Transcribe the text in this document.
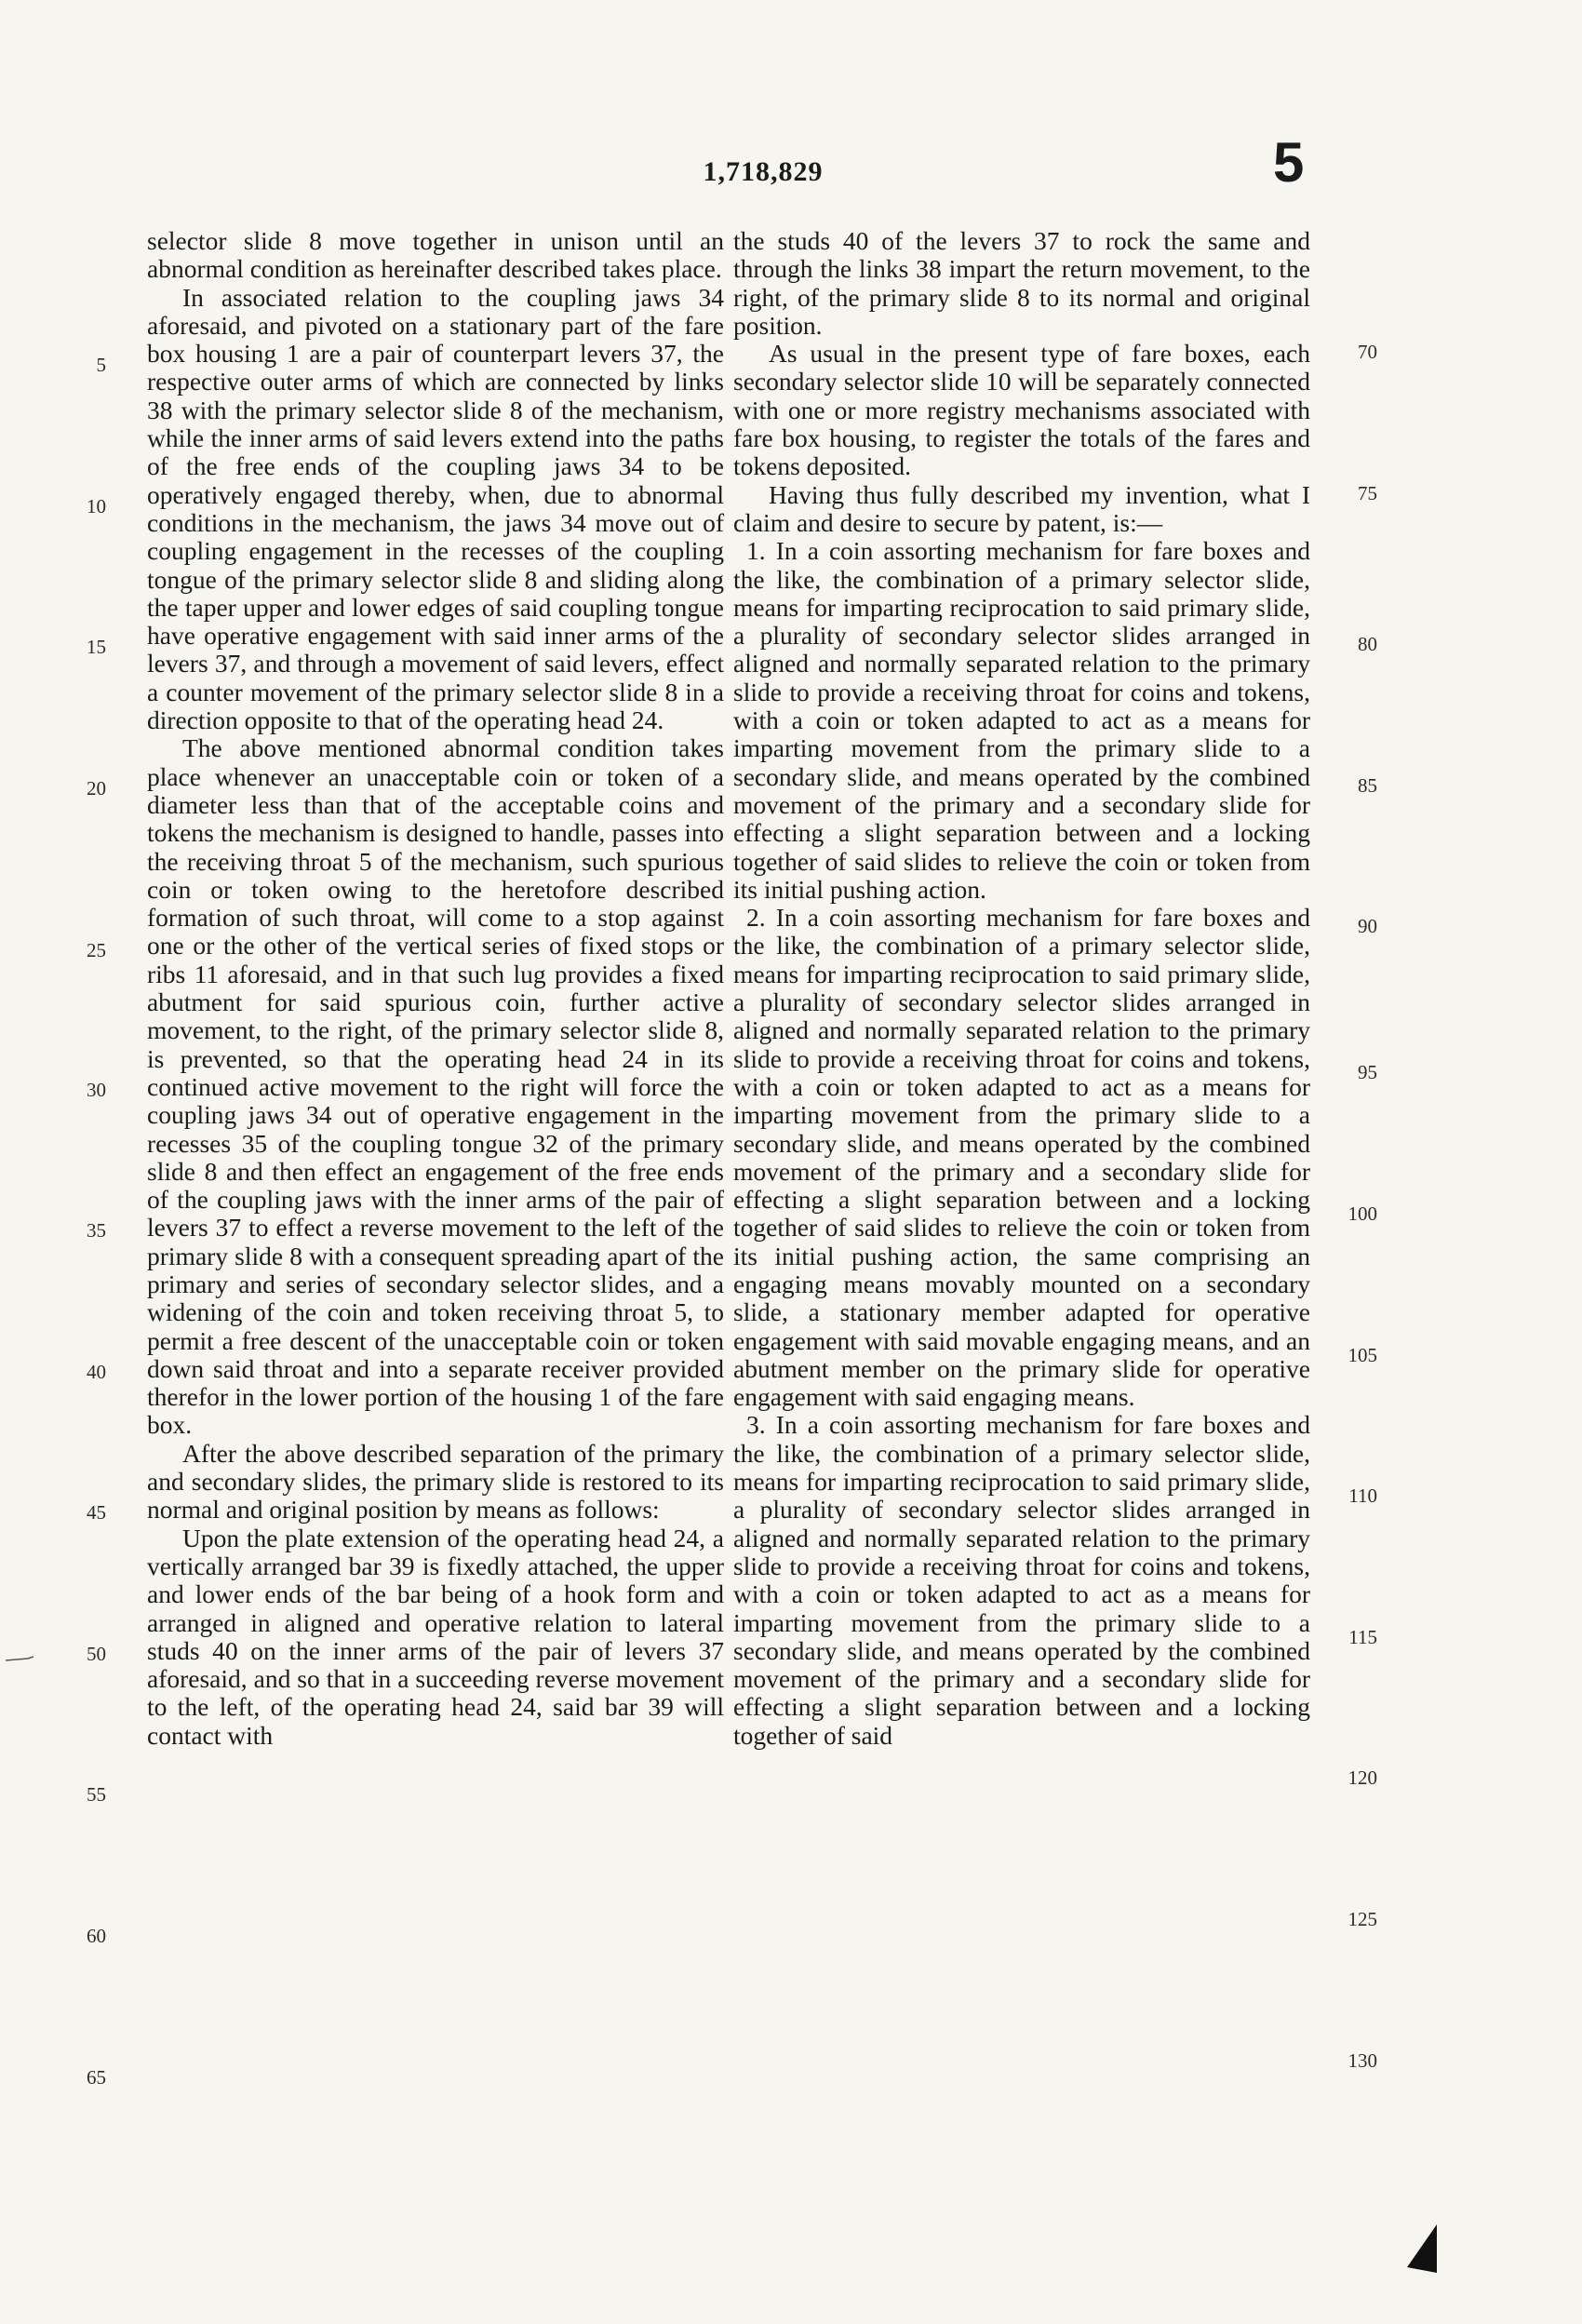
1,718,829	5

selector slide 8 move together in unison until an abnormal condition as hereinafter described takes place.

In associated relation to the coupling jaws 34 aforesaid, and pivoted on a stationary part of the fare box housing 1 are a pair of counterpart levers 37, the respective outer arms of which are connected by links 38 with the primary selector slide 8 of the mechanism, while the inner arms of said levers extend into the paths of the free ends of the coupling jaws 34 to be operatively engaged thereby, when, due to abnormal conditions in the mechanism, the jaws 34 move out of coupling engagement in the recesses of the coupling tongue of the primary selector slide 8 and sliding along the taper upper and lower edges of said coupling tongue have operative engagement with said inner arms of the levers 37, and through a movement of said levers, effect a counter movement of the primary selector slide 8 in a direction opposite to that of the operating head 24.

The above mentioned abnormal condition takes place whenever an unacceptable coin or token of a diameter less than that of the acceptable coins and tokens the mechanism is designed to handle, passes into the receiving throat 5 of the mechanism, such spurious coin or token owing to the heretofore described formation of such throat, will come to a stop against one or the other of the vertical series of fixed stops or ribs 11 aforesaid, and in that such lug provides a fixed abutment for said spurious coin, further active movement, to the right, of the primary selector slide 8, is prevented, so that the operating head 24 in its continued active movement to the right will force the coupling jaws 34 out of operative engagement in the recesses 35 of the coupling tongue 32 of the primary slide 8 and then effect an engagement of the free ends of the coupling jaws with the inner arms of the pair of levers 37 to effect a reverse movement to the left of the primary slide 8 with a consequent spreading apart of the primary and series of secondary selector slides, and a widening of the coin and token receiving throat 5, to permit a free descent of the unacceptable coin or token down said throat and into a separate receiver provided therefor in the lower portion of the housing 1 of the fare box.

After the above described separation of the primary and secondary slides, the primary slide is restored to its normal and original position by means as follows:

Upon the plate extension of the operating head 24, a vertically arranged bar 39 is fixedly attached, the upper and lower ends of the bar being of a hook form and arranged in aligned and operative relation to lateral studs 40 on the inner arms of the pair of levers 37 aforesaid, and so that in a succeeding reverse movement to the left, of the operating head 24, said bar 39 will contact with

the studs 40 of the levers 37 to rock the same and through the links 38 impart the return movement, to the right, of the primary slide 8 to its normal and original position.

As usual in the present type of fare boxes, each secondary selector slide 10 will be separately connected with one or more registry mechanisms associated with fare box housing, to register the totals of the fares and tokens deposited.

Having thus fully described my invention, what I claim and desire to secure by patent, is:—

1. In a coin assorting mechanism for fare boxes and the like, the combination of a primary selector slide, means for imparting reciprocation to said primary slide, a plurality of secondary selector slides arranged in aligned and normally separated relation to the primary slide to provide a receiving throat for coins and tokens, with a coin or token adapted to act as a means for imparting movement from the primary slide to a secondary slide, and means operated by the combined movement of the primary and a secondary slide for effecting a slight separation between and a locking together of said slides to relieve the coin or token from its initial pushing action.

2. In a coin assorting mechanism for fare boxes and the like, the combination of a primary selector slide, means for imparting reciprocation to said primary slide, a plurality of secondary selector slides arranged in aligned and normally separated relation to the primary slide to provide a receiving throat for coins and tokens, with a coin or token adapted to act as a means for imparting movement from the primary slide to a secondary slide, and means operated by the combined movement of the primary and a secondary slide for effecting a slight separation between and a locking together of said slides to relieve the coin or token from its initial pushing action, the same comprising an engaging means movably mounted on a secondary slide, a stationary member adapted for operative engagement with said movable engaging means, and an abutment member on the primary slide for operative engagement with said engaging means.

3. In a coin assorting mechanism for fare boxes and the like, the combination of a primary selector slide, means for imparting reciprocation to said primary slide, a plurality of secondary selector slides arranged in aligned and normally separated relation to the primary slide to provide a receiving throat for coins and tokens, with a coin or token adapted to act as a means for imparting movement from the primary slide to a secondary slide, and means operated by the combined movement of the primary and a secondary slide for effecting a slight separation between and a locking together of said

5
10
15
20
25
30
35
40
45
50
55
60
65
70
75
80
85
90
95
100
105
110
115
120
125
130
